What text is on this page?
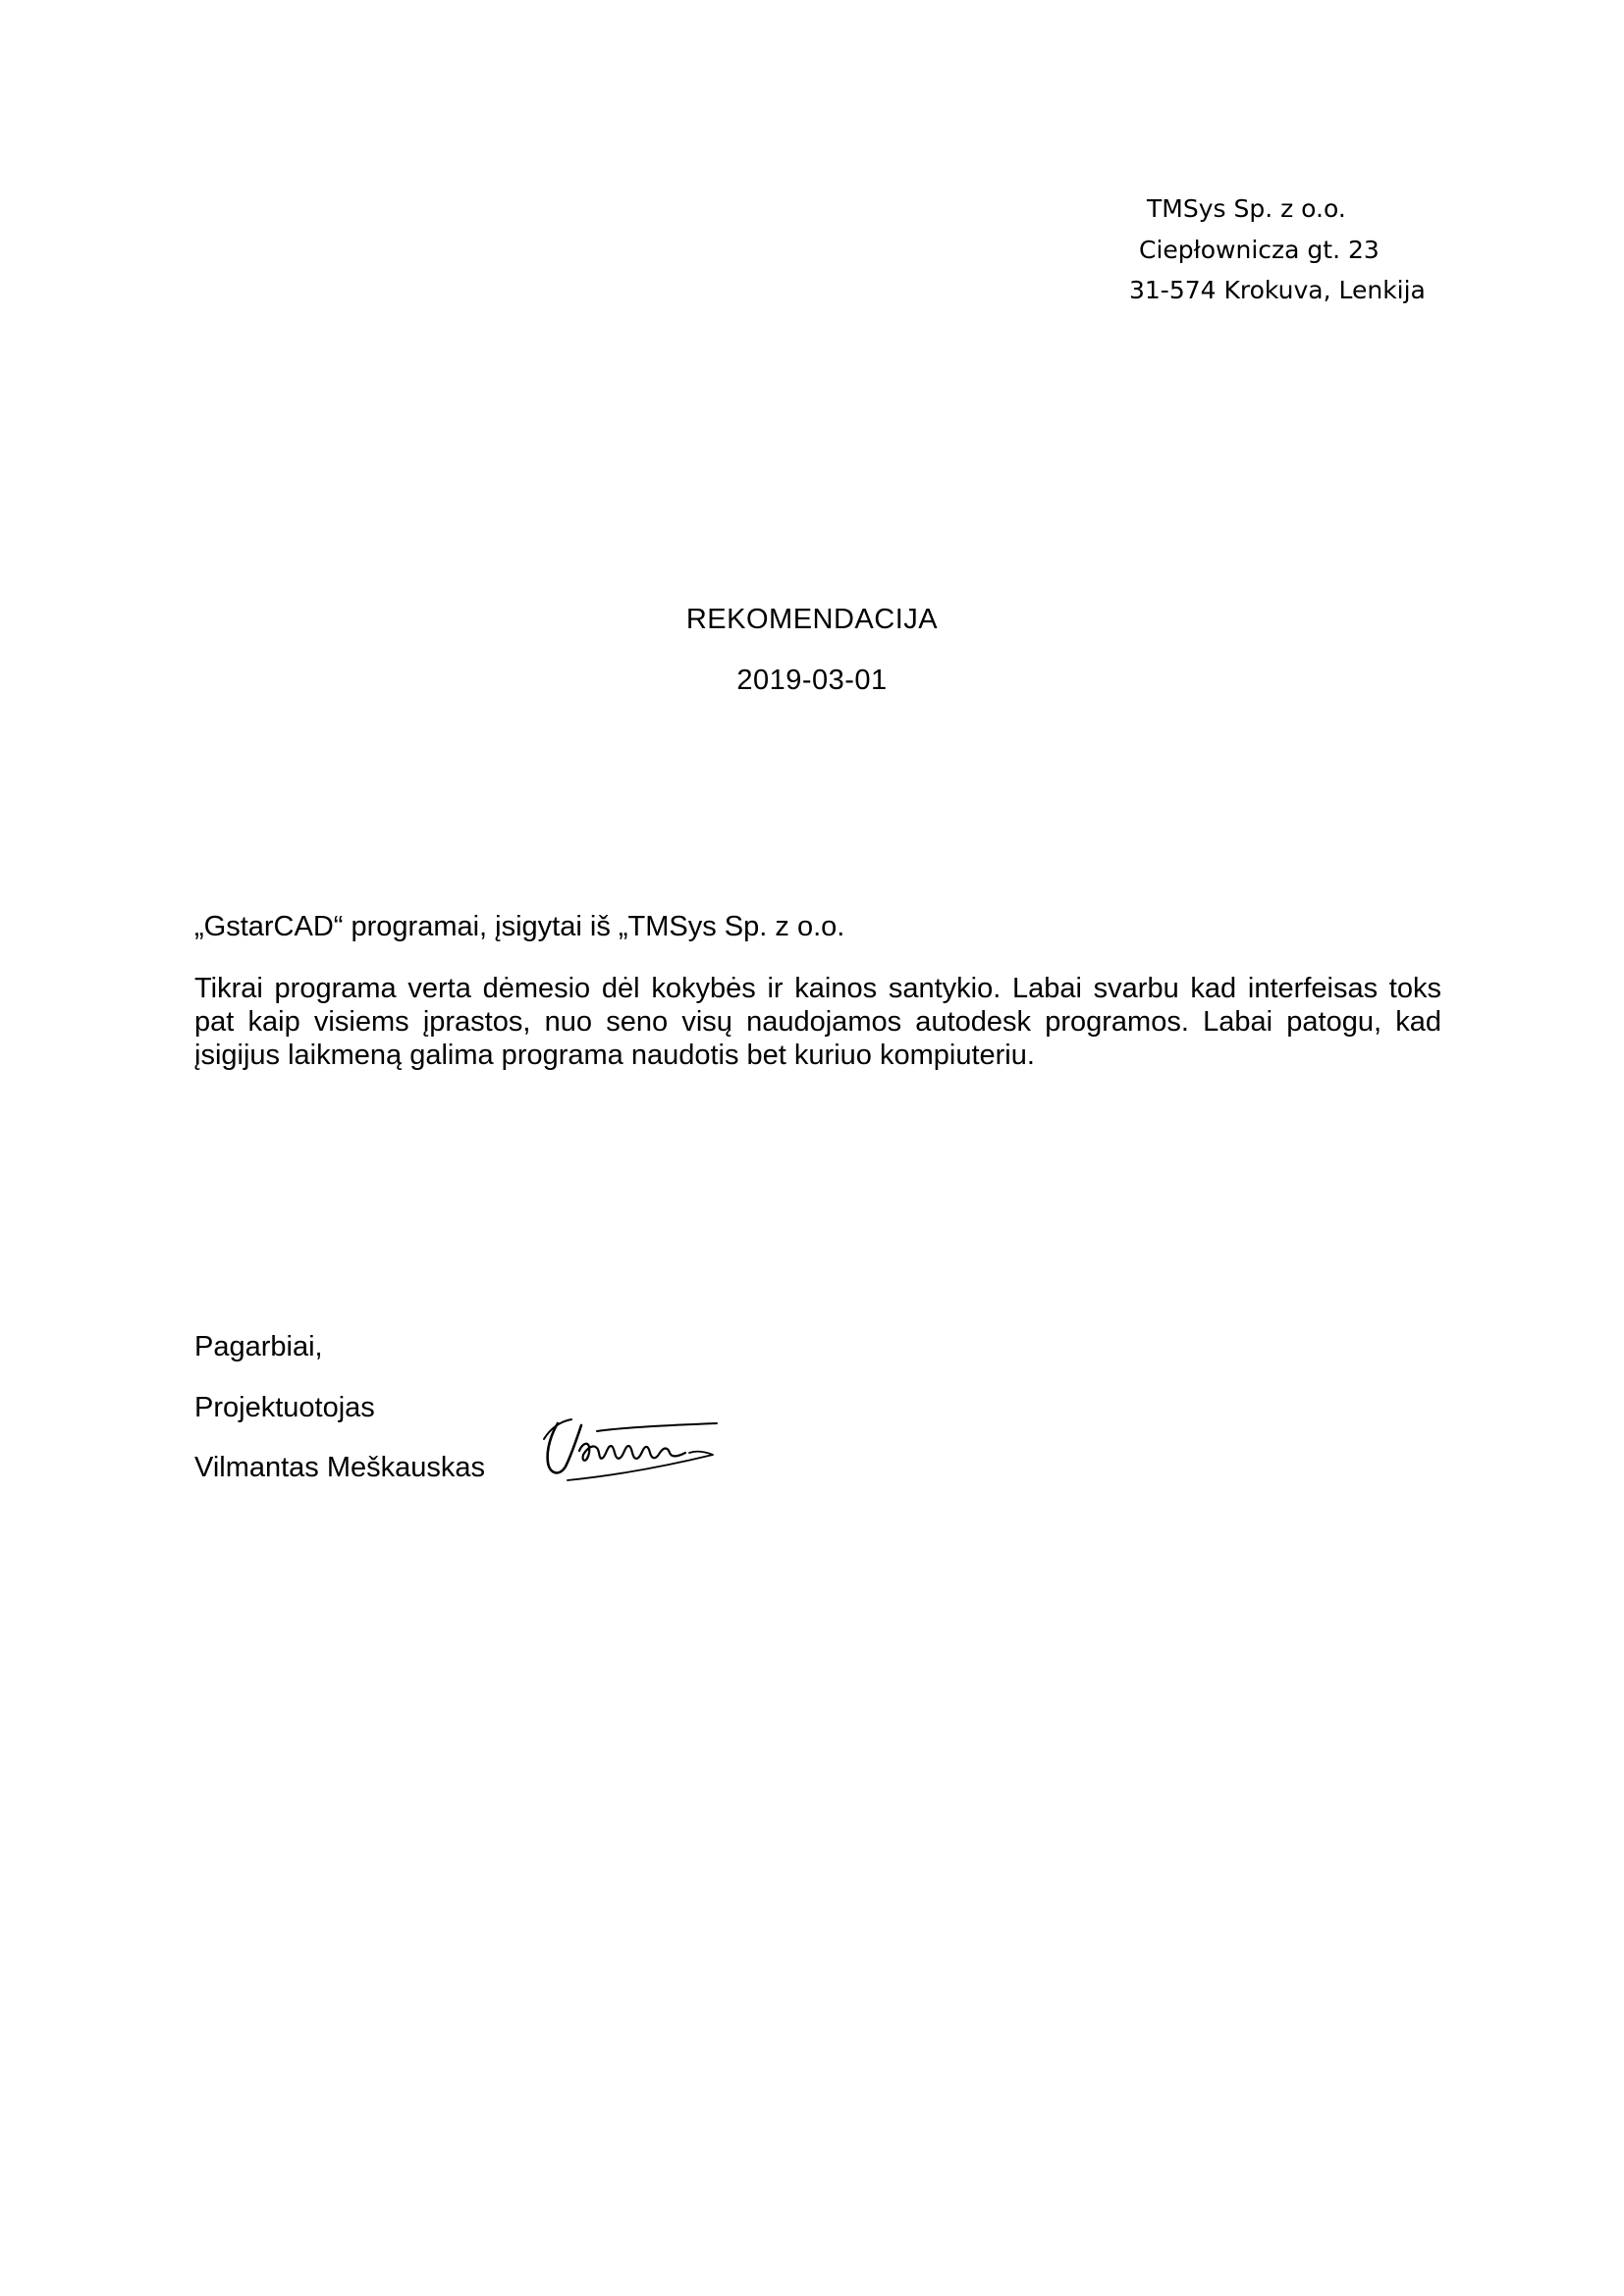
TMSys Sp. z o.o.
Ciepłownicza gt. 23
31-574 Krokuva, Lenkija
REKOMENDACIJA
2019-03-01
„GstarCAD“ programai, įsigytai iš „TMSys Sp. z o.o.
Tikrai programa verta dėmesio dėl kokybės ir kainos santykio. Labai svarbu kad interfeisas toks pat kaip visiems įprastos, nuo seno visų naudojamos autodesk programos. Labai patogu, kad įsigijus laikmeną galima programa naudotis bet kuriuo kompiuteriu.
Pagarbiai,
Projektuotojas
Vilmantas Meškauskas
